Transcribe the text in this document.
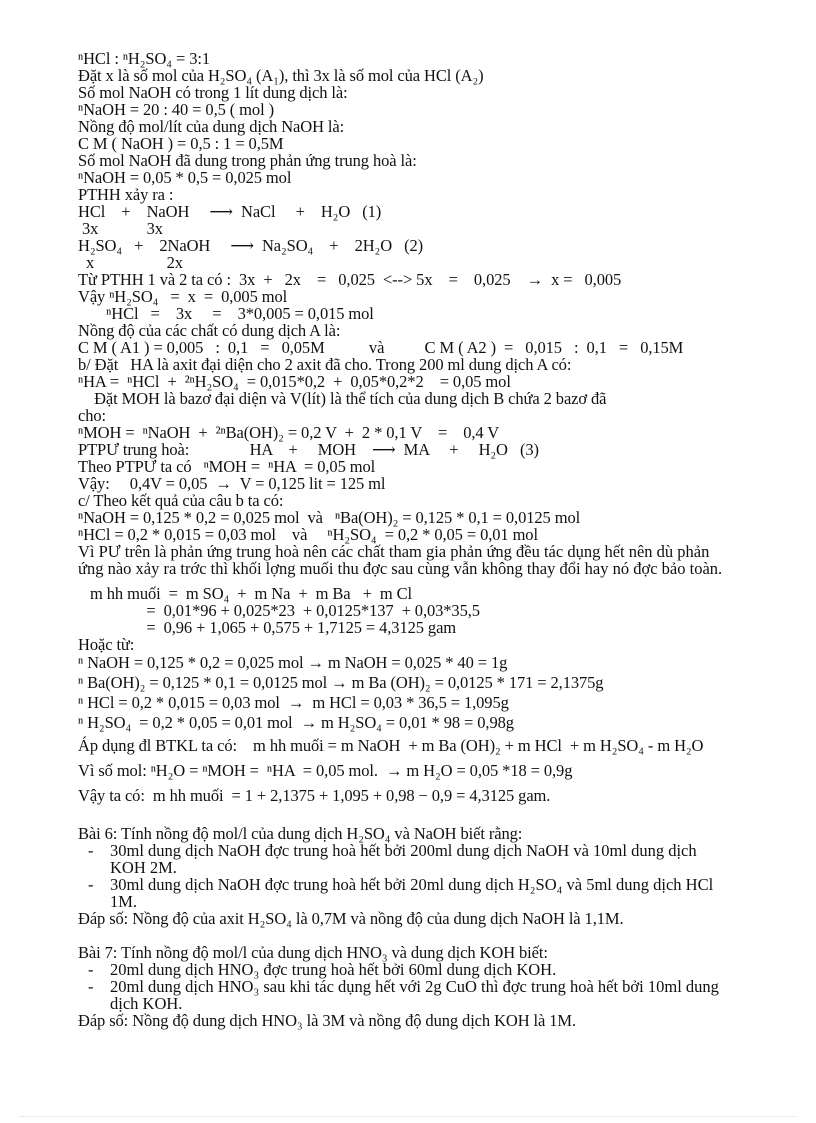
ⁿHCl : ⁿH₂SO₄ = 3:1
Đặt x là số mol của H₂SO₄ (A₁), thì 3x là số mol của HCl (A₂)
Số mol NaOH có trong 1 lít dung dịch là:
ⁿNaOH = 20 : 40 = 0,5 ( mol )
Nồng độ mol/lít của dung dịch NaOH là:
C M ( NaOH ) = 0,5 : 1 = 0,5M
Số mol NaOH đã dung trong phản ứng trung hoà là:
ⁿNaOH = 0,05 * 0,5 = 0,025 mol
PTHH xảy ra :
HCl    +    NaOH     ⟶  NaCl     +    H₂O   (1)
3x            3x
H₂SO₄   +    2NaOH     ⟶  Na₂SO₄    +    2H₂O   (2)
x                  2x
Từ PTHH 1 và 2 ta có :  3x  +   2x    =   0,025  <--> 5x    =    0,025    →  x =   0,005
Vậy ⁿH₂SO₄   =  x  =  0,005 mol
ⁿHCl   =    3x     =    3*0,005 = 0,015 mol
Nồng độ của các chất có dung dịch A là:
C M ( A1 ) = 0,005   :  0,1   =   0,05M           và          C M ( A2 )  =   0,015   :  0,1   =   0,15M
b/ Đặt   HA là axit đại diện cho 2 axit đã cho. Trong 200 ml dung dịch A có:
ⁿHA =  ⁿHCl  +  ²ⁿH₂SO₄  = 0,015*0,2  +  0,05*0,2*2    = 0,05 mol
Đặt MOH là bazơ đại diện và V(lít) là thể tích của dung dịch B chứa 2 bazơ đã
cho:
ⁿMOH =  ⁿNaOH  +  ²ⁿBa(OH)₂ = 0,2 V  +  2 * 0,1 V    =    0,4 V
PTPƯ trung hoà:               HA    +     MOH    ⟶  MA     +     H₂O   (3)
Theo PTPƯ ta có   ⁿMOH =  ⁿHA  = 0,05 mol
Vậy:     0,4V = 0,05  →  V = 0,125 lit = 125 ml
c/ Theo kết quả của câu b ta có:
ⁿNaOH = 0,125 * 0,2 = 0,025 mol  và   ⁿBa(OH)₂ = 0,125 * 0,1 = 0,0125 mol
ⁿHCl = 0,2 * 0,015 = 0,03 mol    và     ⁿH₂SO₄  = 0,2 * 0,05 = 0,01 mol
Vì PƯ trên là phản ứng trung hoà nên các chất tham gia phản ứng đều tác dụng hết nên dù phản ứng nào xảy ra trớc thì khối lợng muối thu đợc sau cùng vẫn không thay đổi hay nó đợc bảo toàn.
m hh muối  =  m SO₄  +  m Na  +  m Ba   +  m Cl
=  0,01*96 + 0,025*23  + 0,0125*137  + 0,03*35,5
=  0,96 + 1,065 + 0,575 + 1,7125 = 4,3125 gam
Hoặc từ:
ⁿ NaOH = 0,125 * 0,2 = 0,025 mol → m NaOH = 0,025 * 40 = 1g
ⁿ Ba(OH)₂ = 0,125 * 0,1 = 0,0125 mol → m Ba (OH)₂ = 0,0125 * 171 = 2,1375g
ⁿ HCl = 0,2 * 0,015 = 0,03 mol  →  m HCl = 0,03 * 36,5 = 1,095g
ⁿ H₂SO₄  = 0,2 * 0,05 = 0,01 mol  → m H₂SO₄ = 0,01 * 98 = 0,98g
Áp dụng đl BTKL ta có:    m hh muối = m NaOH  + m Ba (OH)₂ + m HCl  + m H₂SO₄ - m H₂O
Vì số mol: ⁿH₂O = ⁿMOH =  ⁿHA  = 0,05 mol.  → m H₂O = 0,05 *18 = 0,9g
Vậy ta có:  m hh muối  = 1 + 2,1375 + 1,095 + 0,98 − 0,9 = 4,3125 gam.
Bài 6: Tính nồng độ mol/l của dung dịch H₂SO₄ và NaOH biết rằng:
-	30ml dung dịch NaOH đợc trung hoà hết bởi 200ml dung dịch NaOH và 10ml dung dịch KOH 2M.
-	30ml dung dịch NaOH đợc trung hoà hết bởi 20ml dung dịch H₂SO₄ và 5ml dung dịch HCl 1M.
Đáp số: Nồng độ của axit H₂SO₄ là 0,7M và nồng độ của dung dịch NaOH là 1,1M.
Bài 7: Tính nồng độ mol/l của dung dịch HNO₃ và dung dịch KOH biết:
-	20ml dung dịch HNO₃ đợc trung hoà hết bởi 60ml dung dịch KOH.
-	20ml dung dịch HNO₃ sau khi tác dụng hết với 2g CuO thì đợc trung hoà hết bởi 10ml dung dịch KOH.
Đáp số: Nồng độ dung dịch HNO₃ là 3M và nồng độ dung dịch KOH là 1M.
